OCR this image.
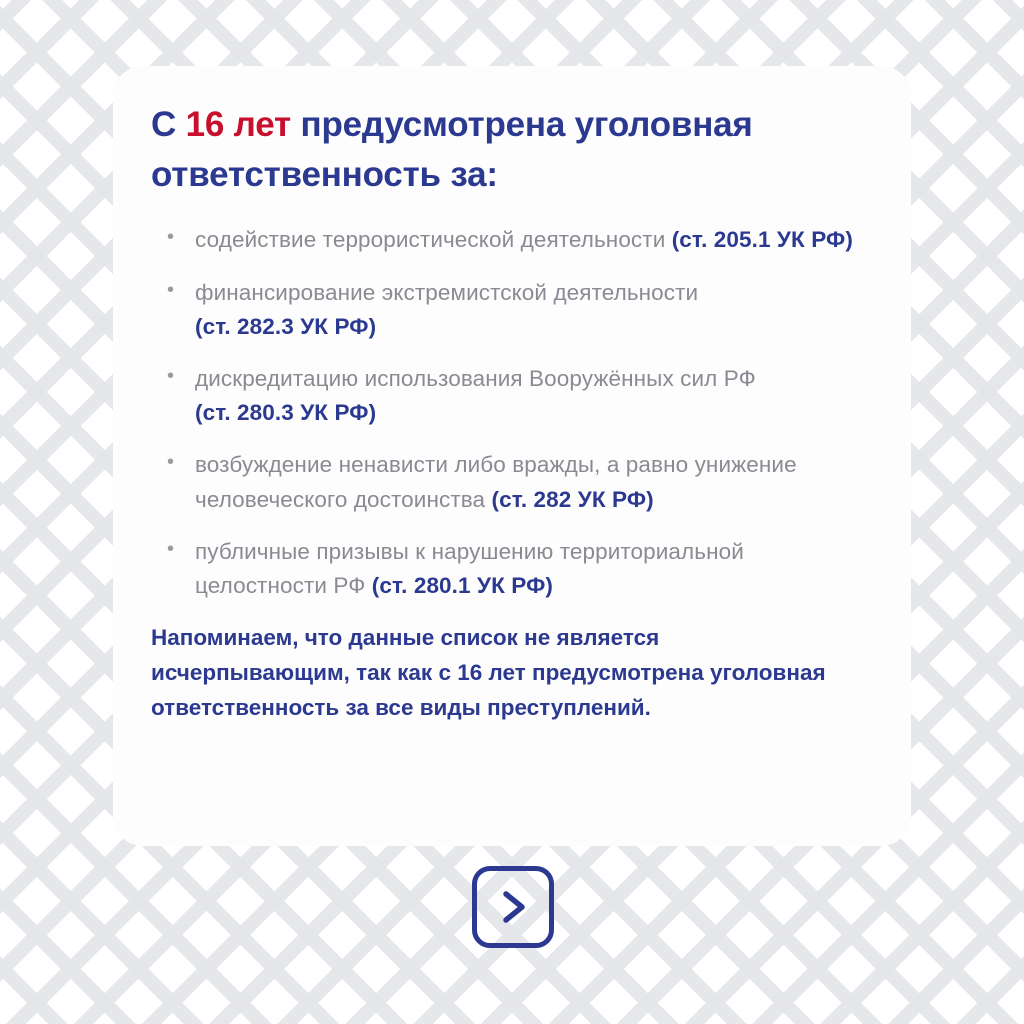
С 16 лет предусмотрена уголовная ответственность за:
• содействие террористической деятельности (ст. 205.1 УК РФ)
• финансирование экстремистской деятельности (ст. 282.3 УК РФ)
• дискредитацию использования Вооружённых сил РФ (ст. 280.3 УК РФ)
• возбуждение ненависти либо вражды, а равно унижение человеческого достоинства (ст. 282 УК РФ)
• публичные призывы к нарушению территориальной целостности РФ (ст. 280.1 УК РФ)

Напоминаем, что данные список не является исчерпывающим, так как с 16 лет предусмотрена уголовная ответственность за все виды преступлений.
